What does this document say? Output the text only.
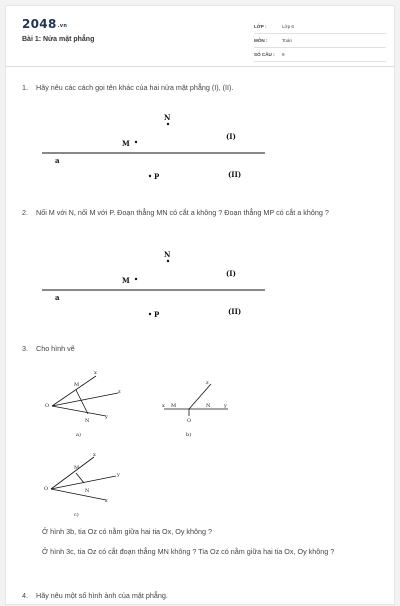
2048.vn
Bài 1: Nửa mặt phẳng
LỚP :	Lớp 6
MÔN :	Toán
SỐ CÂU : 9
1. Hãy nêu các cách gọi tên khác của hai nửa mặt phẳng (I), (II).
N
M
(I)
a
P	(II)
2. Nối M với N, nối M với P. Đoạn thẳng MN có cắt a không ? Đoạn thẳng MP có cắt a không ?
N
M
(I)
a
P	(II)
3. Cho hình vẽ
O
M
N
x
z
y
a)
x M	N	y
z
O
b)
O
M
N
x
y
z
c)
Ở hình 3b, tia Oz có nằm giữa hai tia Ox, Oy không ?
Ở hình 3c, tia Oz có cắt đoạn thẳng MN không ? Tia Oz có nằm giữa hai tia Ox, Oy không ?
4. Hãy nêu một số hình ảnh của mặt phẳng.
